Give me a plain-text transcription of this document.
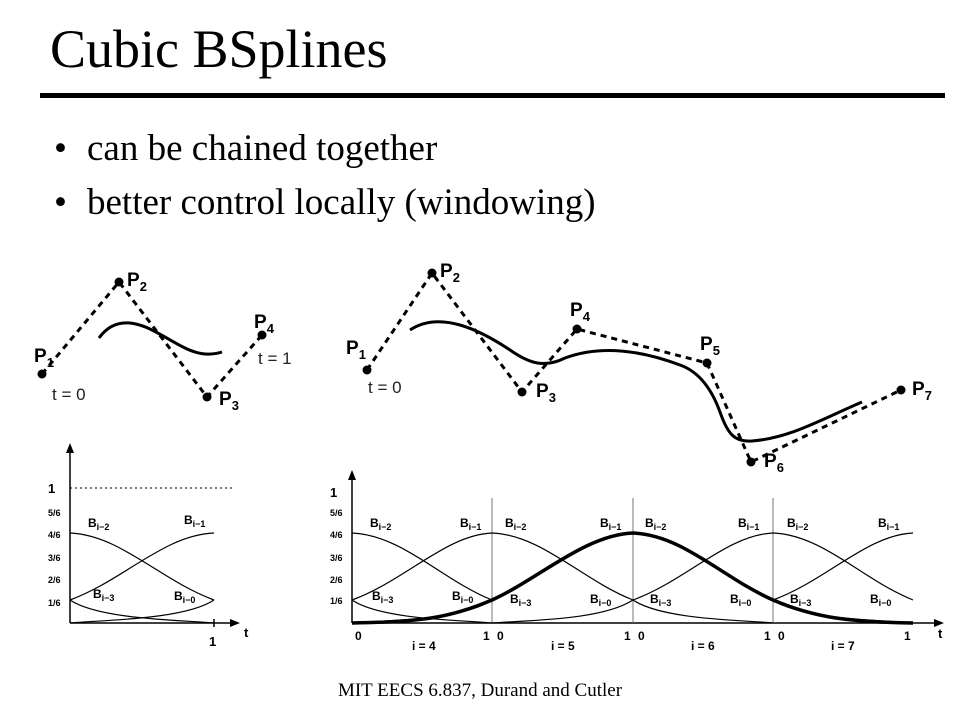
Cubic BSplines
• can be chained together
• better control locally (windowing)
$P_1$
$P_2$
$P_3$
$P_4$
t = 0
t = 1	$P_1$
$P_2$
$P_3$
$P_4$
$P_5$
$P_6$
$P_7$
t = 0
1
5/6
4/6
3/6
2/6
1/6
1
t
$B_{i-2}$	$B_{i-1}$
$B_{i-3}$	$B_{i-0}$
1
5/6
4/6
3/6
2/6
1/6
t
$B_{i-2}$	$B_{i-1}$
$B_{i-3}$	$B_{i-0}$
$B_{i-2}$	$B_{i-1}$
$B_{i-3}$	$B_{i-0}$
$B_{i-2}$	$B_{i-1}$
$B_{i-3}$	$B_{i-0}$
$B_{i-2}$	$B_{i-1}$
$B_{i-3}$	$B_{i-0}$
0	1
i = 4
0	1
i = 5
0	1
i = 6
0	1
i = 7
MIT EECS 6.837, Durand and Cutler
